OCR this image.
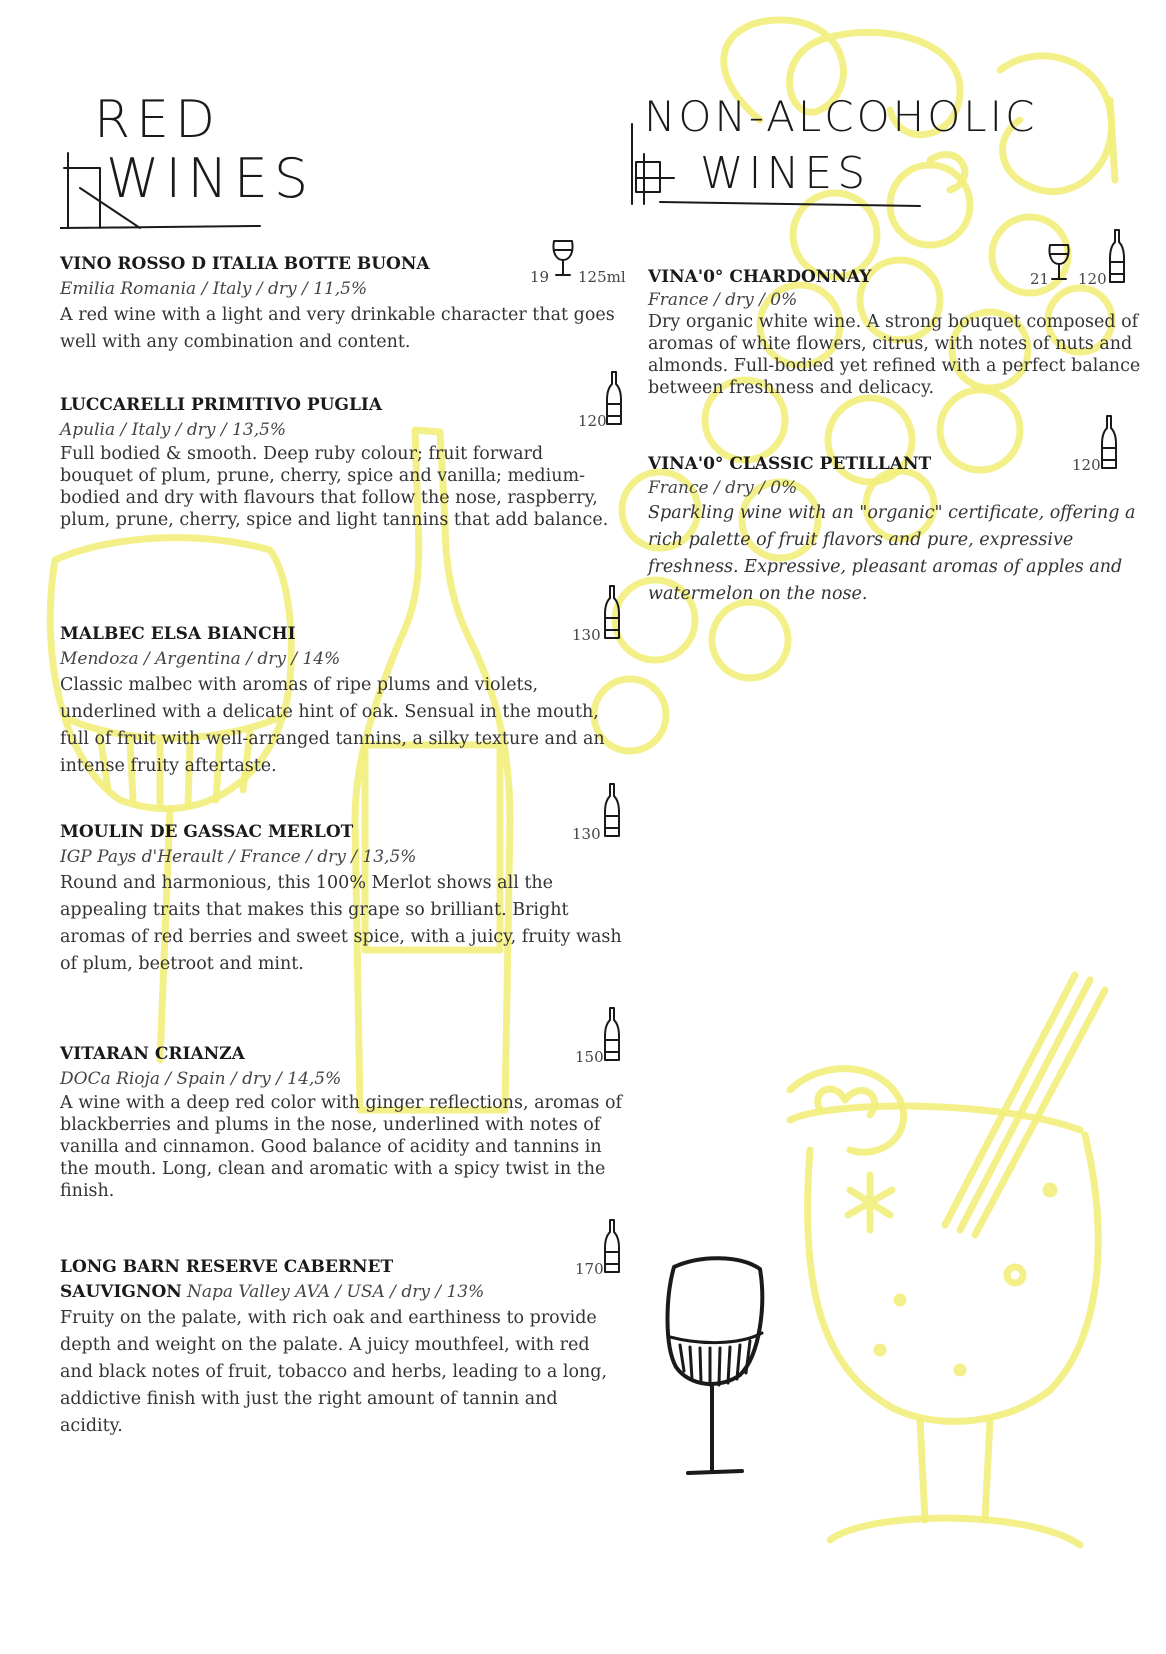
RED
WINES
NON-ALCOHOLIC
WINES
VINO ROSSO D ITALIA BOTTE BUONA
Emilia Romania / Italy / dry / 11,5%
A red wine with a light and very drinkable character that goes well with any combination and content.
19 125ml
LUCCARELLI PRIMITIVO PUGLIA
Apulia / Italy / dry / 13,5%
Full bodied & smooth. Deep ruby colour; fruit forward bouquet of plum, prune, cherry, spice and vanilla; medium-bodied and dry with flavours that follow the nose, raspberry, plum, prune, cherry, spice and light tannins that add balance.
120
MALBEC ELSA BIANCHI
Mendoza / Argentina / dry / 14%
Classic malbec with aromas of ripe plums and violets, underlined with a delicate hint of oak. Sensual in the mouth, full of fruit with well-arranged tannins, a silky texture and an intense fruity aftertaste.
130
MOULIN DE GASSAC MERLOT
IGP Pays d'Herault / France / dry / 13,5%
Round and harmonious, this 100% Merlot shows all the appealing traits that makes this grape so brilliant. Bright aromas of red berries and sweet spice, with a juicy, fruity wash of plum, beetroot and mint.
130
VITARAN CRIANZA
DOCa Rioja / Spain / dry / 14,5%
A wine with a deep red color with ginger reflections, aromas of blackberries and plums in the nose, underlined with notes of vanilla and cinnamon. Good balance of acidity and tannins in the mouth. Long, clean and aromatic with a spicy twist in the finish.
150
LONG BARN RESERVE CABERNET
SAUVIGNON Napa Valley AVA / USA / dry / 13%
Fruity on the palate, with rich oak and earthiness to provide depth and weight on the palate. A juicy mouthfeel, with red and black notes of fruit, tobacco and herbs, leading to a long, addictive finish with just the right amount of tannin and acidity.
170
VINA'0° CHARDONNAY
France / dry / 0%
Dry organic white wine. A strong bouquet composed of aromas of white flowers, citrus, with notes of nuts and almonds. Full-bodied yet refined with a perfect balance between freshness and delicacy.
21 120
VINA'0° CLASSIC PETILLANT
France / dry / 0%
Sparkling wine with an "organic" certificate, offering a rich palette of fruit flavors and pure, expressive freshness. Expressive, pleasant aromas of apples and watermelon on the nose.
120
